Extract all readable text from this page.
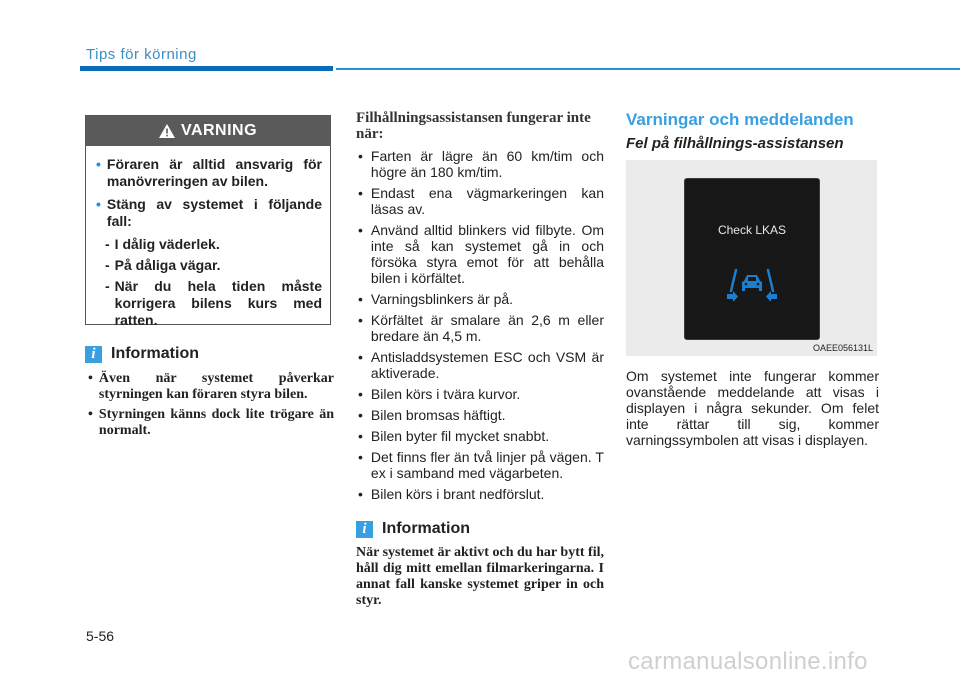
Tips för körning
VARNING
• Föraren är alltid ansvarig för manövreringen av bilen.
• Stäng av systemet i följande fall:
- I dålig väderlek.
- På dåliga vägar.
- När du hela tiden måste korrigera bilens kurs med ratten.
i Information
• Även när systemet påverkar styrningen kan föraren styra bilen.
• Styrningen känns dock lite trögare än normalt.
Filhållningsassistansen fungerar inte när:
• Farten är lägre än 60 km/tim och högre än 180 km/tim.
• Endast ena vägmarkeringen kan läsas av.
• Använd alltid blinkers vid filbyte. Om inte så kan systemet gå in och försöka styra emot för att behålla bilen i körfältet.
• Varningsblinkers är på.
• Körfältet är smalare än 2,6 m eller bredare än 4,5 m.
• Antisladdsystemen ESC och VSM är aktiverade.
• Bilen körs i tvära kurvor.
• Bilen bromsas häftigt.
• Bilen byter fil mycket snabbt.
• Det finns fler än två linjer på vägen. T ex i samband med vägarbeten.
• Bilen körs i brant nedförslut.
i Information
När systemet är aktivt och du har bytt fil, håll dig mitt emellan filmarkeringarna. I annat fall kanske systemet griper in och styr.
Varningar och meddelanden
Fel på filhållnings-assistansen
Check LKAS
OAEE056131L
Om systemet inte fungerar kommer ovanstående meddelande att visas i displayen i några sekunder. Om felet inte rättar till sig, kommer varningssymbolen att visas i displayen.
5-56
carmanualsonline.info
